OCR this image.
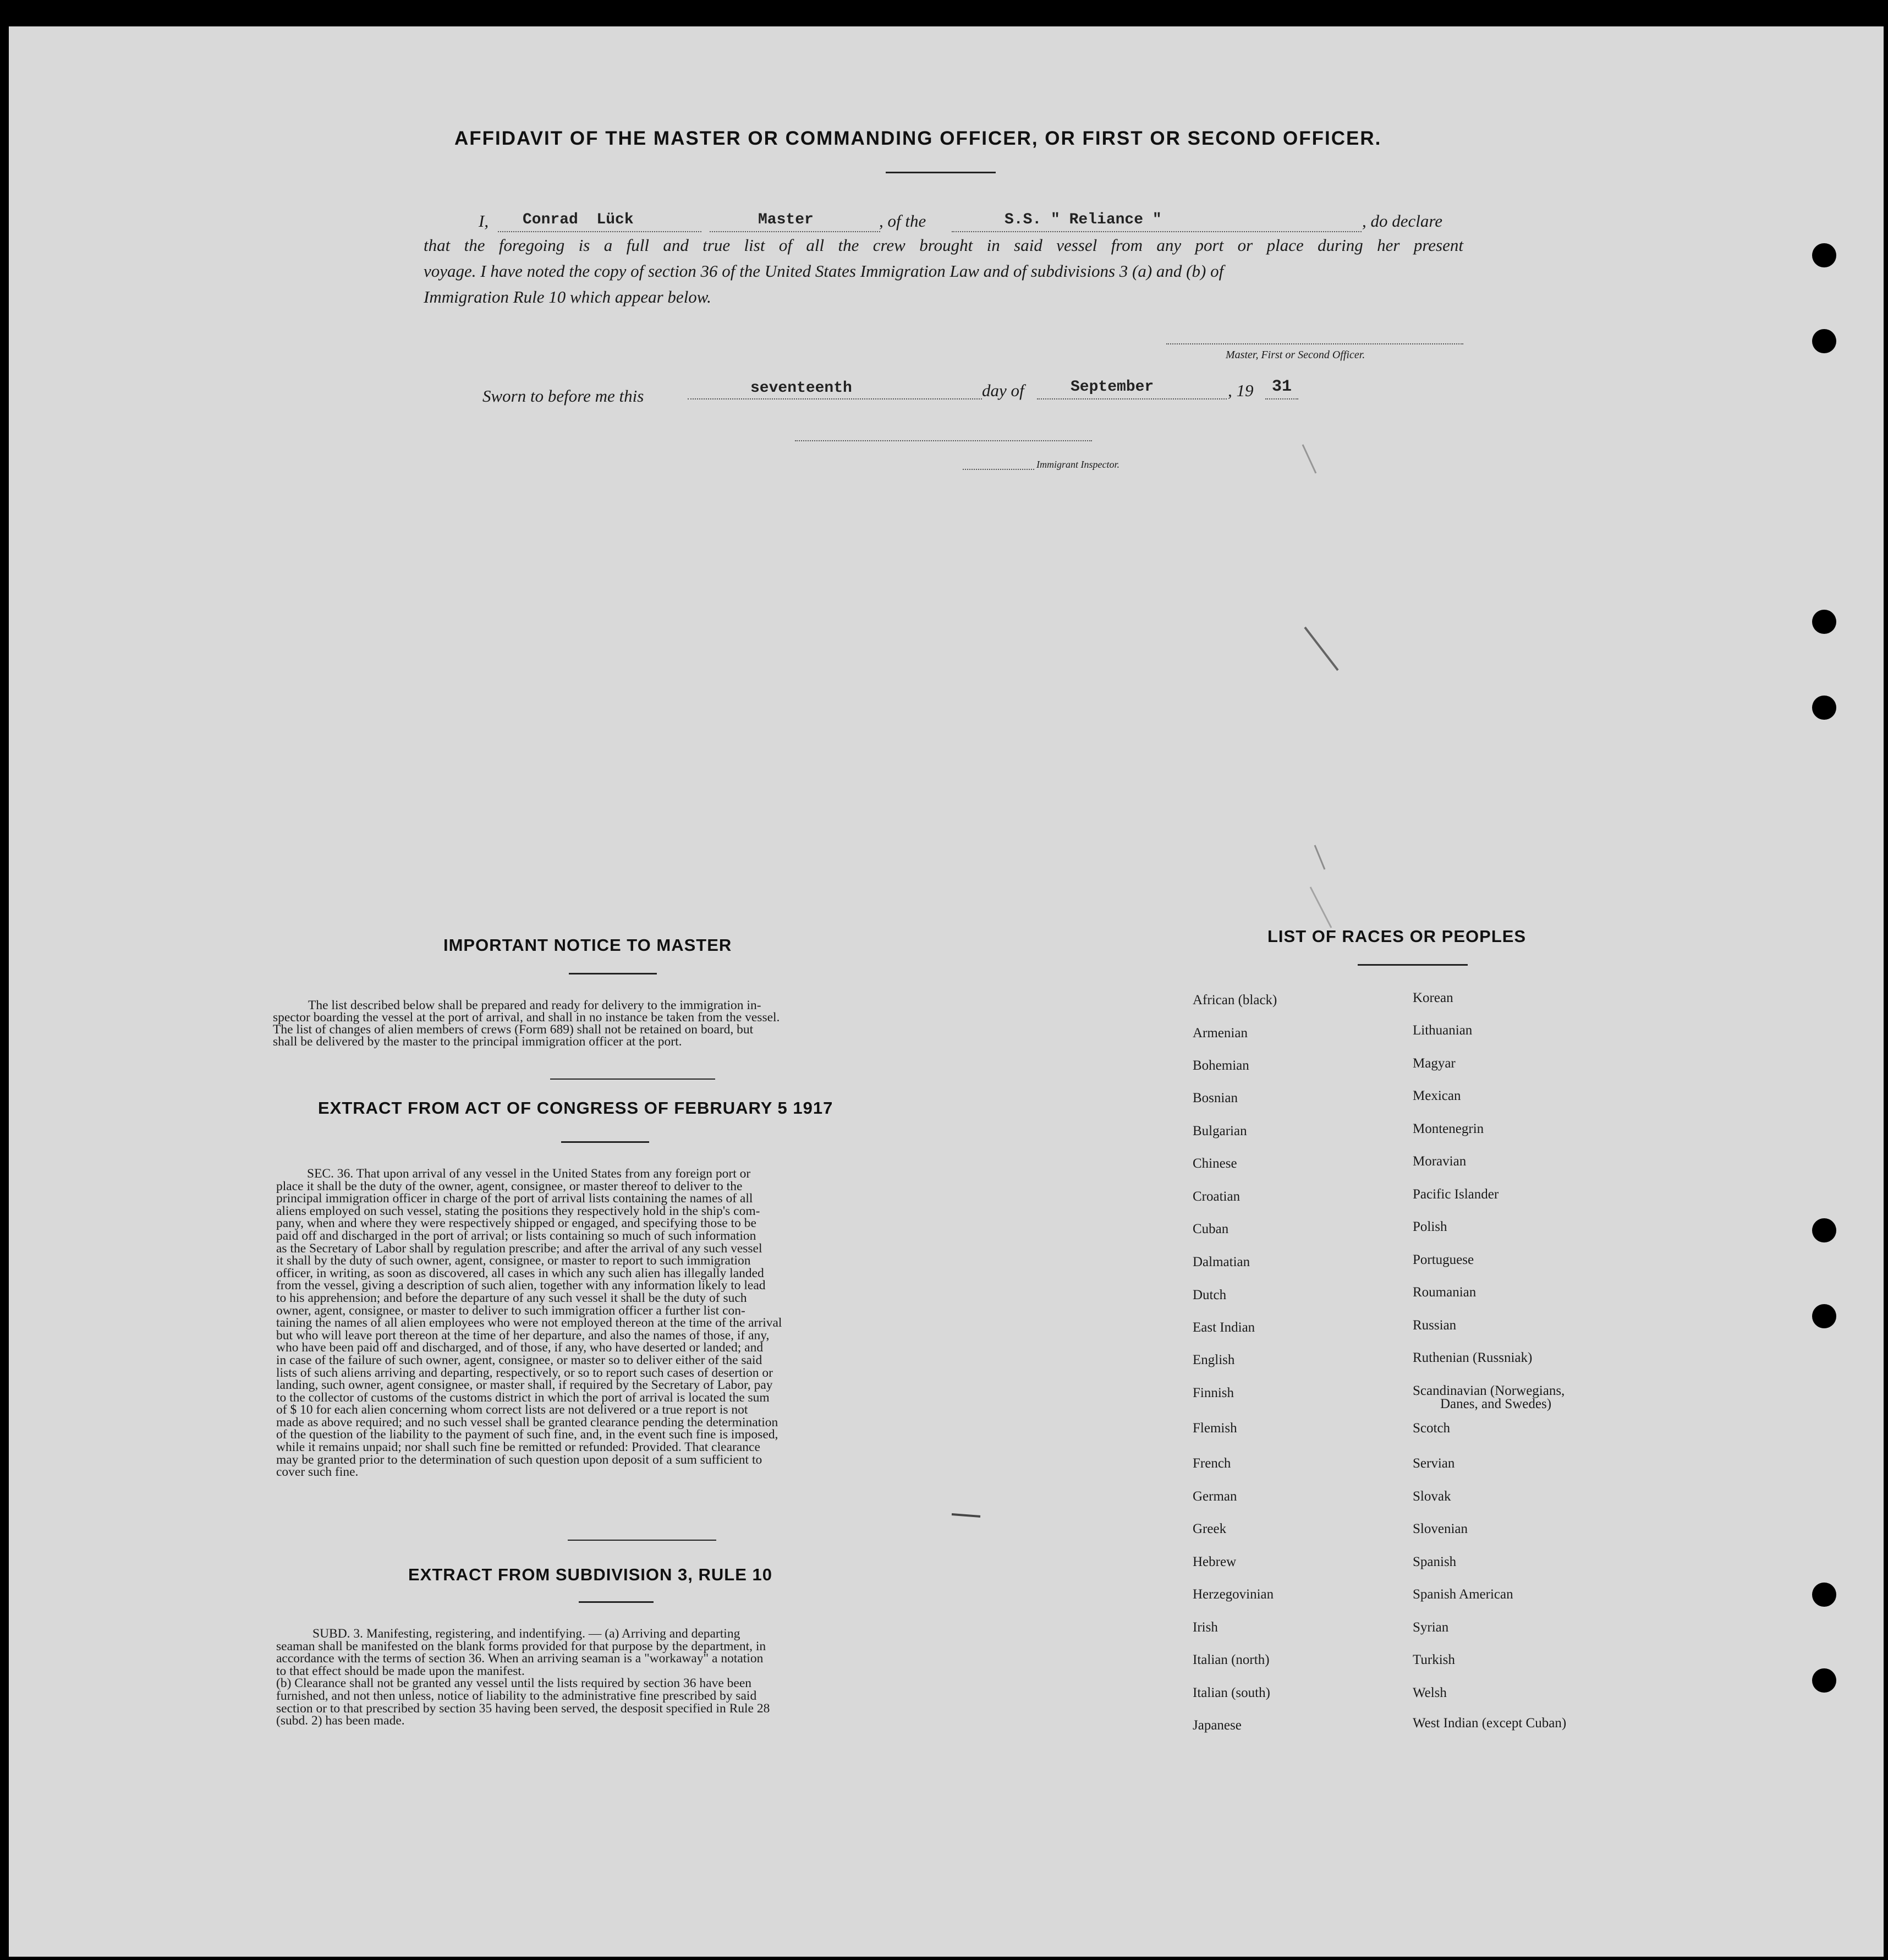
AFFIDAVIT OF THE MASTER OR COMMANDING OFFICER, OR FIRST OR SECOND OFFICER.
I, Conrad  Lück	Master	, of the	S.S. " Reliance "	, do declare
that the foregoing is a full and true list of all the crew brought in said vessel from any port or place during her present
voyage. I have noted the copy of section 36 of the United States Immigration Law and of subdivisions 3 (a) and (b) of
Immigration Rule 10 which appear below.
Master, First or Second Officer.
Sworn to before me this	seventeenth	day of	September	, 19 31
Immigrant Inspector.
IMPORTANT NOTICE TO MASTER
The list described below shall be prepared and ready for delivery to the immigration in-
spector boarding the vessel at the port of arrival, and shall in no instance be taken from the vessel.
The list of changes of alien members of crews (Form 689) shall not be retained on board, but
shall be delivered by the master to the principal immigration officer at the port.
EXTRACT FROM ACT OF CONGRESS OF FEBRUARY 5 1917
SEC. 36. That upon arrival of any vessel in the United States from any foreign port or
place it shall be the duty of the owner, agent, consignee, or master thereof to deliver to the
principal immigration officer in charge of the port of arrival lists containing the names of all
aliens employed on such vessel, stating the positions they respectively hold in the ship's com-
pany, when and where they were respectively shipped or engaged, and specifying those to be
paid off and discharged in the port of arrival; or lists containing so much of such information
as the Secretary of Labor shall by regulation prescribe; and after the arrival of any such vessel
it shall by the duty of such owner, agent, consignee, or master to report to such immigration
officer, in writing, as soon as discovered, all cases in which any such alien has illegally landed
from the vessel, giving a description of such alien, together with any information likely to lead
to his apprehension; and before the departure of any such vessel it shall be the duty of such
owner, agent, consignee, or master to deliver to such immigration officer a further list con-
taining the names of all alien employees who were not employed thereon at the time of the arrival
but who will leave port thereon at the time of her departure, and also the names of those, if any,
who have been paid off and discharged, and of those, if any, who have deserted or landed; and
in case of the failure of such owner, agent, consignee, or master so to deliver either of the said
lists of such aliens arriving and departing, respectively, or so to report such cases of desertion or
landing, such owner, agent consignee, or master shall, if required by the Secretary of Labor, pay
to the collector of customs of the customs district in which the port of arrival is located the sum
of $ 10 for each alien concerning whom correct lists are not delivered or a true report is not
made as above required; and no such vessel shall be granted clearance pending the determination
of the question of the liability to the payment of such fine, and, in the event such fine is imposed,
while it remains unpaid; nor shall such fine be remitted or refunded: Provided. That clearance
may be granted prior to the determination of such question upon deposit of a sum sufficient to
cover such fine.
EXTRACT FROM SUBDIVISION 3, RULE 10
SUBD. 3. Manifesting, registering, and indentifying. — (a) Arriving and departing
seaman shall be manifested on the blank forms provided for that purpose by the department, in
accordance with the terms of section 36. When an arriving seaman is a "workaway" a notation
to that effect should be made upon the manifest.
(b) Clearance shall not be granted any vessel until the lists required by section 36 have been
furnished, and not then unless, notice of liability to the administrative fine prescribed by said
section or to that prescribed by section 35 having been served, the desposit specified in Rule 28
(subd. 2) has been made.
LIST OF RACES OR PEOPLES
African (black)
Armenian
Bohemian
Bosnian
Bulgarian
Chinese
Croatian
Cuban
Dalmatian
Dutch
East Indian
English
Finnish
Flemish
French
German
Greek
Hebrew
Herzegovinian
Irish
Italian (north)
Italian (south)
Japanese
Korean
Lithuanian
Magyar
Mexican
Montenegrin
Moravian
Pacific Islander
Polish
Portuguese
Roumanian
Russian
Ruthenian (Russniak)
Scandinavian (Norwegians,
Danes, and Swedes)
Scotch
Servian
Slovak
Slovenian
Spanish
Spanish American
Syrian
Turkish
Welsh
West Indian (except Cuban)
